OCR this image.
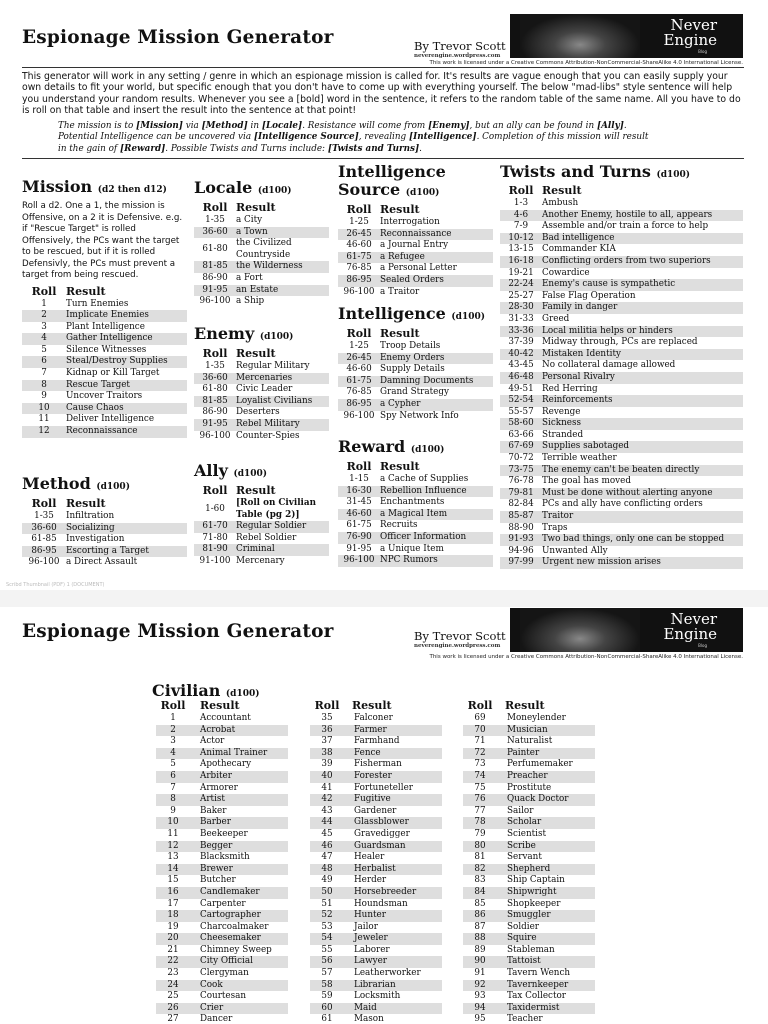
Espionage Mission Generator	By Trevor Scott
neverengine.wordpress.com
Never
Engine
Blog
This work is licensed under a Creative Commons Attribution-NonCommercial-ShareAlike 4.0 International License.
This generator will work in any setting / genre in which an espionage mission is called for. It's results are vague enough that you can easily supply your own details to fit your world, but specific enough that you don't have to come up with everything yourself. The below "mad-libs" style sentence will help you understand your random results. Whenever you see a [bold] word in the sentence, it refers to the random table of the same name. All you have to do is roll on that table and insert the result into the sentence at that point!
The mission is to [Mission] via [Method] in [Locale]. Resistance will come from [Enemy], but an ally can be found in [Ally]. Potential Intelligence can be uncovered via [Intelligence Source], revealing [Intelligence]. Completion of this mission will result in the gain of [Reward]. Possible Twists and Turns include: [Twists and Turns].
Mission (d2 then d12)
Roll a d2. One a 1, the mission is Offensive, on a 2 it is Defensive. e.g. if "Rescue Target" is rolled Offensively, the PCs want the target to be rescued, but if it is rolled Defensivly, the PCs must prevent a target from being rescued.
Roll	Result
1	Turn Enemies
2	Implicate Enemies
3	Plant Intelligence
4	Gather Intelligence
5	Silence Witnesses
6	Steal/Destroy Supplies
7	Kidnap or Kill Target
8	Rescue Target
9	Uncover Traitors
10	Cause Chaos
11	Deliver Intelligence
12	Reconnaissance
Method (d100)
Roll	Result
1-35	Infiltration
36-60	Socializing
61-85	Investigation
86-95	Escorting a Target
96-100	a Direct Assault
Locale (d100)
Roll	Result
1-35	a City
36-60	a Town
61-80	the Civilized Countryside
81-85	the Wilderness
86-90	a Fort
91-95	an Estate
96-100	a Ship
Enemy (d100)
Roll	Result
1-35	Regular Military
36-60	Mercenaries
61-80	Civic Leader
81-85	Loyalist Civilians
86-90	Deserters
91-95	Rebel Military
96-100	Counter-Spies
Ally (d100)
Roll	Result
1-60	[Roll on Civilian Table (pg 2)]
61-70	Regular Soldier
71-80	Rebel Soldier
81-90	Criminal
91-100	Mercenary
Intelligence
Source (d100)
Roll	Result
1-25	Interrogation
26-45	Reconnaissance
46-60	a Journal Entry
61-75	a Refugee
76-85	a Personal Letter
86-95	Sealed Orders
96-100	a Traitor
Intelligence (d100)
Roll	Result
1-25	Troop Details
26-45	Enemy Orders
46-60	Supply Details
61-75	Damning Documents
76-85	Grand Strategy
86-95	a Cypher
96-100	Spy Network Info
Reward (d100)
Roll	Result
1-15	a Cache of Supplies
16-30	Rebellion Influence
31-45	Enchantments
46-60	a Magical Item
61-75	Recruits
76-90	Officer Information
91-95	a Unique Item
96-100	NPC Rumors
Twists and Turns (d100)
Roll	Result
1-3	Ambush
4-6	Another Enemy, hostile to all, appears
7-9	Assemble and/or train a force to help
10-12	Bad intelligence
13-15	Commander KIA
16-18	Conflicting orders from two superiors
19-21	Cowardice
22-24	Enemy's cause is sympathetic
25-27	False Flag Operation
28-30	Family in danger
31-33	Greed
33-36	Local militia helps or hinders
37-39	Midway through, PCs are replaced
40-42	Mistaken Identity
43-45	No collateral damage allowed
46-48	Personal Rivalry
49-51	Red Herring
52-54	Reinforcements
55-57	Revenge
58-60	Sickness
63-66	Stranded
67-69	Supplies sabotaged
70-72	Terrible weather
73-75	The enemy can't be beaten directly
76-78	The goal has moved
79-81	Must be done without alerting anyone
82-84	PCs and ally have conflicting orders
85-87	Traitor
88-90	Traps
91-93	Two bad things, only one can be stopped
94-96	Unwanted Ally
97-99	Urgent new mission arises
Scribd Thumbnail (PDF) 1 (DOCUMENT)
Espionage Mission Generator	By Trevor Scott
neverengine.wordpress.com
Never
Engine
Blog
This work is licensed under a Creative Commons Attribution-NonCommercial-ShareAlike 4.0 International License.
Civilian (d100)
Roll	Result
1	Accountant
2	Acrobat
3	Actor
4	Animal Trainer
5	Apothecary
6	Arbiter
7	Armorer
8	Artist
9	Baker
10	Barber
11	Beekeeper
12	Begger
13	Blacksmith
14	Brewer
15	Butcher
16	Candlemaker
17	Carpenter
18	Cartographer
19	Charcoalmaker
20	Cheesemaker
21	Chimney Sweep
22	City Official
23	Clergyman
24	Cook
25	Courtesan
26	Crier
27	Dancer
Roll	Result
35	Falconer
36	Farmer
37	Farmhand
38	Fence
39	Fisherman
40	Forester
41	Fortuneteller
42	Fugitive
43	Gardener
44	Glassblower
45	Gravedigger
46	Guardsman
47	Healer
48	Herbalist
49	Herder
50	Horsebreeder
51	Houndsman
52	Hunter
53	Jailor
54	Jeweler
55	Laborer
56	Lawyer
57	Leatherworker
58	Librarian
59	Locksmith
60	Maid
61	Mason
Roll	Result
69	Moneylender
70	Musician
71	Naturalist
72	Painter
73	Perfumemaker
74	Preacher
75	Prostitute
76	Quack Doctor
77	Sailor
78	Scholar
79	Scientist
80	Scribe
81	Servant
82	Shepherd
83	Ship Captain
84	Shipwright
85	Shopkeeper
86	Smuggler
87	Soldier
88	Squire
89	Stableman
90	Tattoist
91	Tavern Wench
92	Tavernkeeper
93	Tax Collector
94	Taxidermist
95	Teacher
